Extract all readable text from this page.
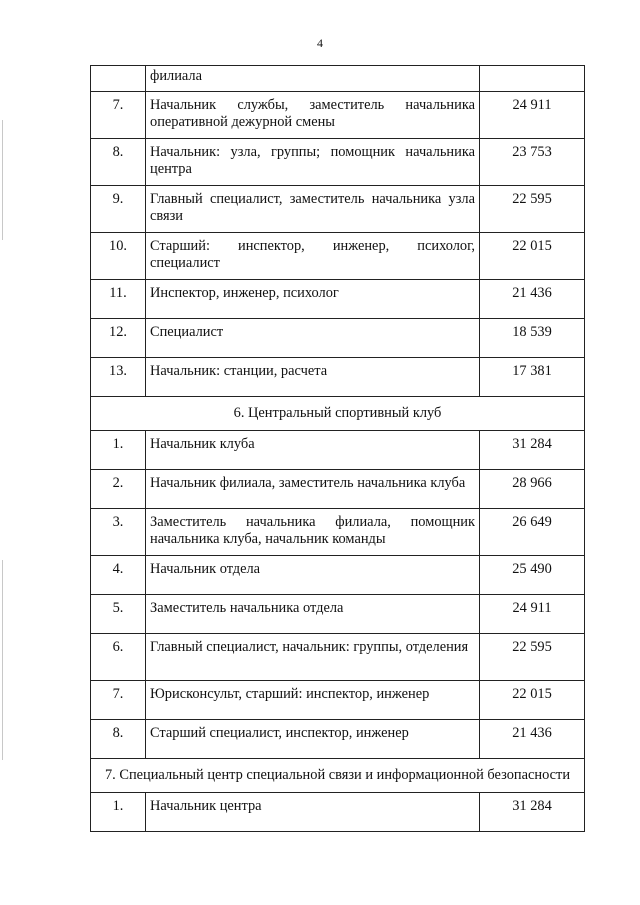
4
	филиала	
7.	Начальник службы, заместитель начальника оперативной дежурной смены	24 911
8.	Начальник: узла, группы; помощник начальника центра	23 753
9.	Главный специалист, заместитель начальника узла связи	22 595
10.	Старший: инспектор, инженер, психолог, специалист	22 015
11.	Инспектор, инженер, психолог	21 436
12.	Специалист	18 539
13.	Начальник: станции, расчета	17 381
6. Центральный спортивный клуб		
1.	Начальник клуба	31 284
2.	Начальник филиала, заместитель начальника клуба	28 966
3.	Заместитель начальника филиала, помощник начальника клуба, начальник команды	26 649
4.	Начальник отдела	25 490
5.	Заместитель начальника отдела	24 911
6.	Главный специалист, начальник: группы, отделения	22 595
7.	Юрисконсульт, старший: инспектор, инженер	22 015
8.	Старший специалист, инспектор, инженер	21 436
7. Специальный центр специальной связи и информационной безопасности		
1.	Начальник центра	31 284
